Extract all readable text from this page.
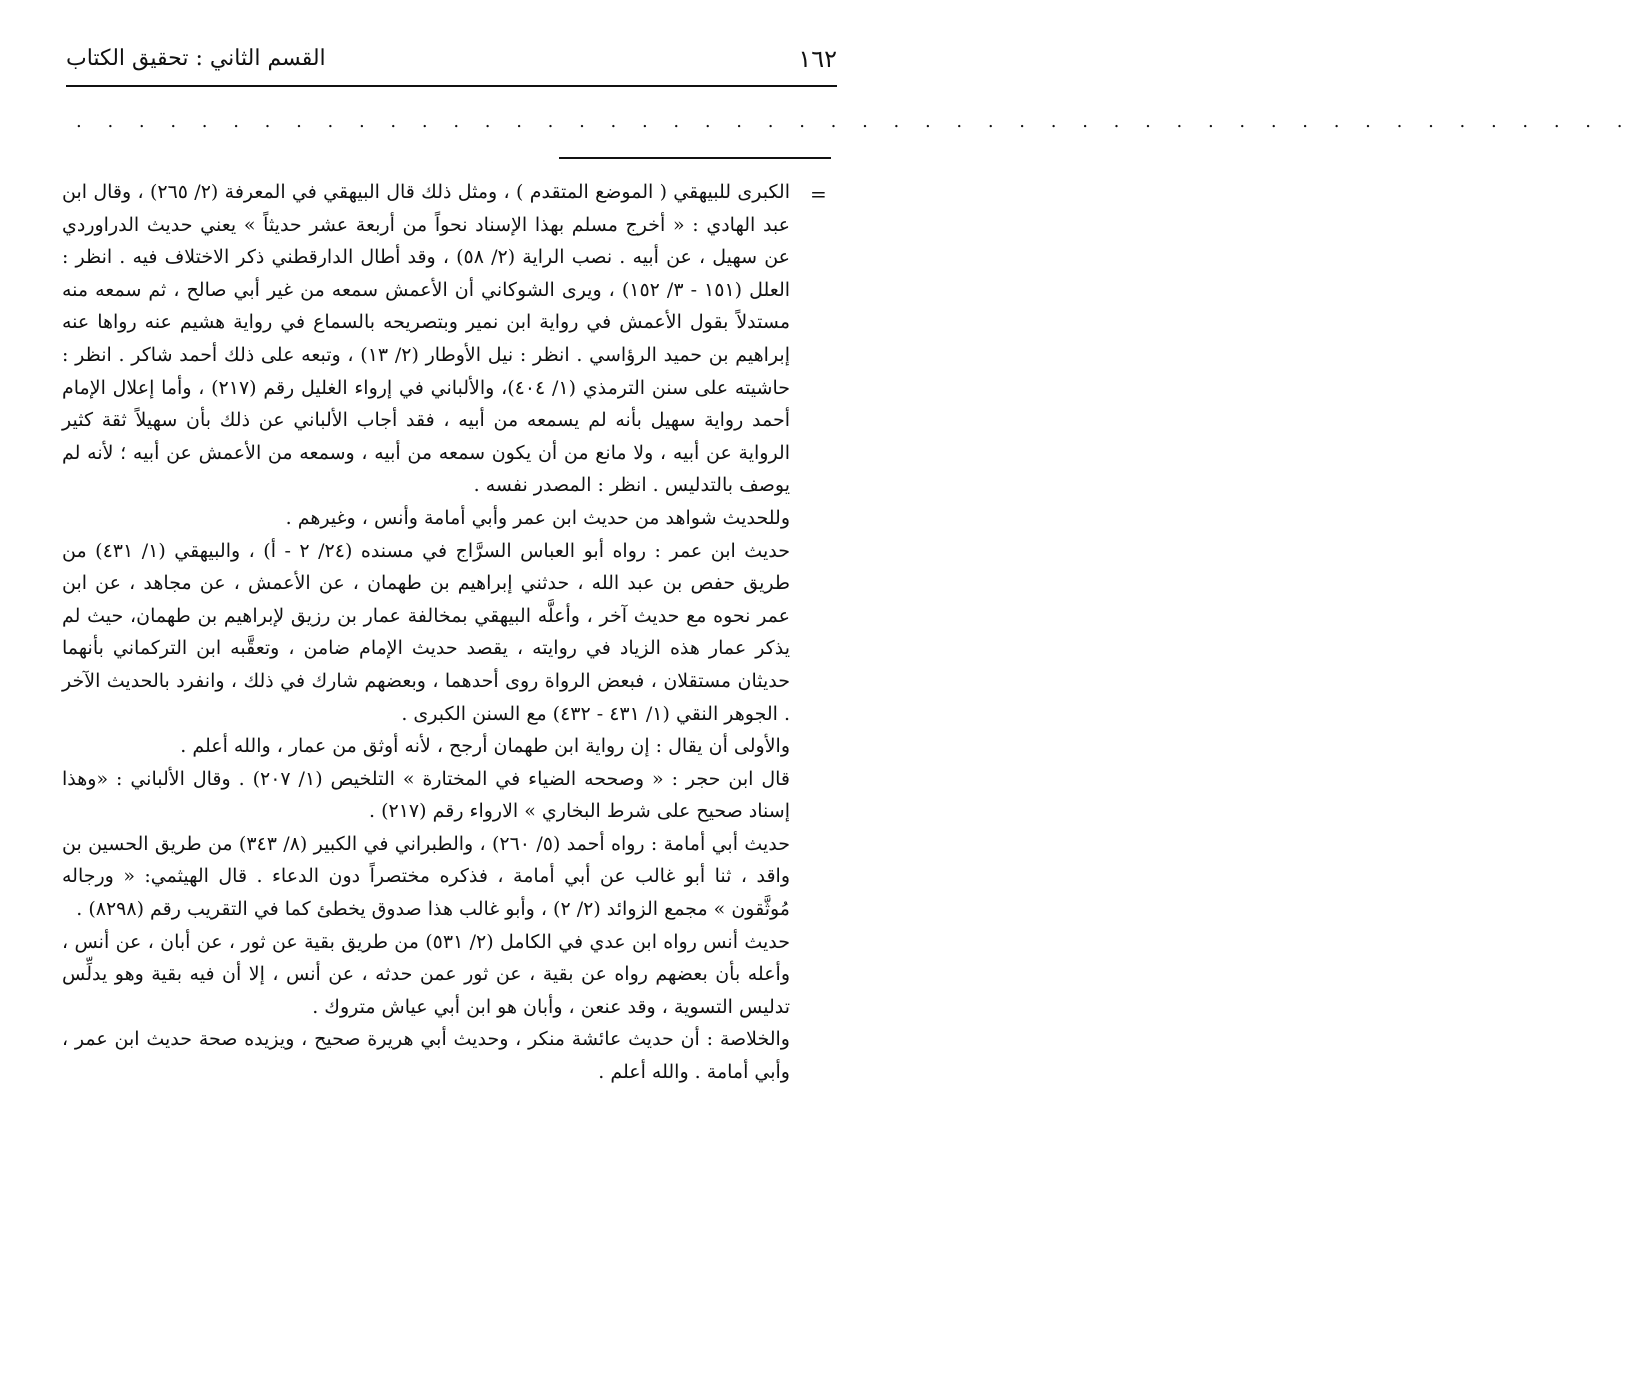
١٦٢
القسم الثاني : تحقيق الكتاب
. . . . . . . . . . . . . . . . . . . . . . . . . . . . . . . . . . . . . . . . . . . . . . . . . .
=

الكبرى للبيهقي ( الموضع المتقدم ) ، ومثل ذلك قال البيهقي في المعرفة (٢/ ٢٦٥) ، وقال ابن عبد الهادي : « أخرج مسلم بهذا الإسناد نحواً من أربعة عشر حديثاً » يعني حديث الدراوردي عن سهيل ، عن أبيه . نصب الراية (٢/ ٥٨) ، وقد أطال الدارقطني ذكر الاختلاف فيه . انظر : العلل (١٥١ - ٣/ ١٥٢) ، ويرى الشوكاني أن الأعمش سمعه من غير أبي صالح ، ثم سمعه منه مستدلاً بقول الأعمش في رواية ابن نمير وبتصريحه بالسماع في رواية هشيم عنه رواها عنه إبراهيم بن حميد الرؤاسي . انظر : نيل الأوطار (٢/ ١٣) ، وتبعه على ذلك أحمد شاكر . انظر : حاشيته على سنن الترمذي (١/ ٤٠٤)، والألباني في إرواء الغليل رقم (٢١٧) ، وأما إعلال الإمام أحمد رواية سهيل بأنه لم يسمعه من أبيه ، فقد أجاب الألباني عن ذلك بأن سهيلاً ثقة كثير الرواية عن أبيه ، ولا مانع من أن يكون سمعه من أبيه ، وسمعه من الأعمش عن أبيه ؛ لأنه لم يوصف بالتدليس . انظر : المصدر نفسه .

وللحديث شواهد من حديث ابن عمر وأبي أمامة وأنس ، وغيرهم .

حديث ابن عمر : رواه أبو العباس السرَّاج في مسنده (٢٤/ ٢ - أ) ، والبيهقي (١/ ٤٣١) من طريق حفص بن عبد الله ، حدثني إبراهيم بن طهمان ، عن الأعمش ، عن مجاهد ، عن ابن عمر نحوه مع حديث آخر ، وأعلَّه البيهقي بمخالفة عمار بن رزيق لإبراهيم بن طهمان، حيث لم يذكر عمار هذه الزياد في روايته ، يقصد حديث الإمام ضامن ، وتعقَّبه ابن التركماني بأنهما حديثان مستقلان ، فبعض الرواة روى أحدهما ، وبعضهم شارك في ذلك ، وانفرد بالحديث الآخر . الجوهر النقي (١/ ٤٣١ - ٤٣٢) مع السنن الكبرى .

والأولى أن يقال : إن رواية ابن طهمان أرجح ، لأنه أوثق من عمار ، والله أعلم .

قال ابن حجر : « وصححه الضياء في المختارة » التلخيص (١/ ٢٠٧) . وقال الألباني : «وهذا إسناد صحيح على شرط البخاري » الارواء رقم (٢١٧) .

حديث أبي أمامة : رواه أحمد (٥/ ٢٦٠) ، والطبراني في الكبير (٨/ ٣٤٣) من طريق الحسين بن واقد ، ثنا أبو غالب عن أبي أمامة ، فذكره مختصراً دون الدعاء . قال الهيثمي: « ورجاله مُوثَّقون » مجمع الزوائد (٢/ ٢) ، وأبو غالب هذا صدوق يخطئ كما في التقريب رقم (٨٢٩٨) .

حديث أنس رواه ابن عدي في الكامل (٢/ ٥٣١) من طريق بقية عن ثور ، عن أبان ، عن أنس ، وأعله بأن بعضهم رواه عن بقية ، عن ثور عمن حدثه ، عن أنس ، إلا أن فيه بقية وهو يدلِّس تدليس التسوية ، وقد عنعن ، وأبان هو ابن أبي عياش متروك .

والخلاصة : أن حديث عائشة منكر ، وحديث أبي هريرة صحيح ، ويزيده صحة حديث ابن عمر ، وأبي أمامة . والله أعلم .
